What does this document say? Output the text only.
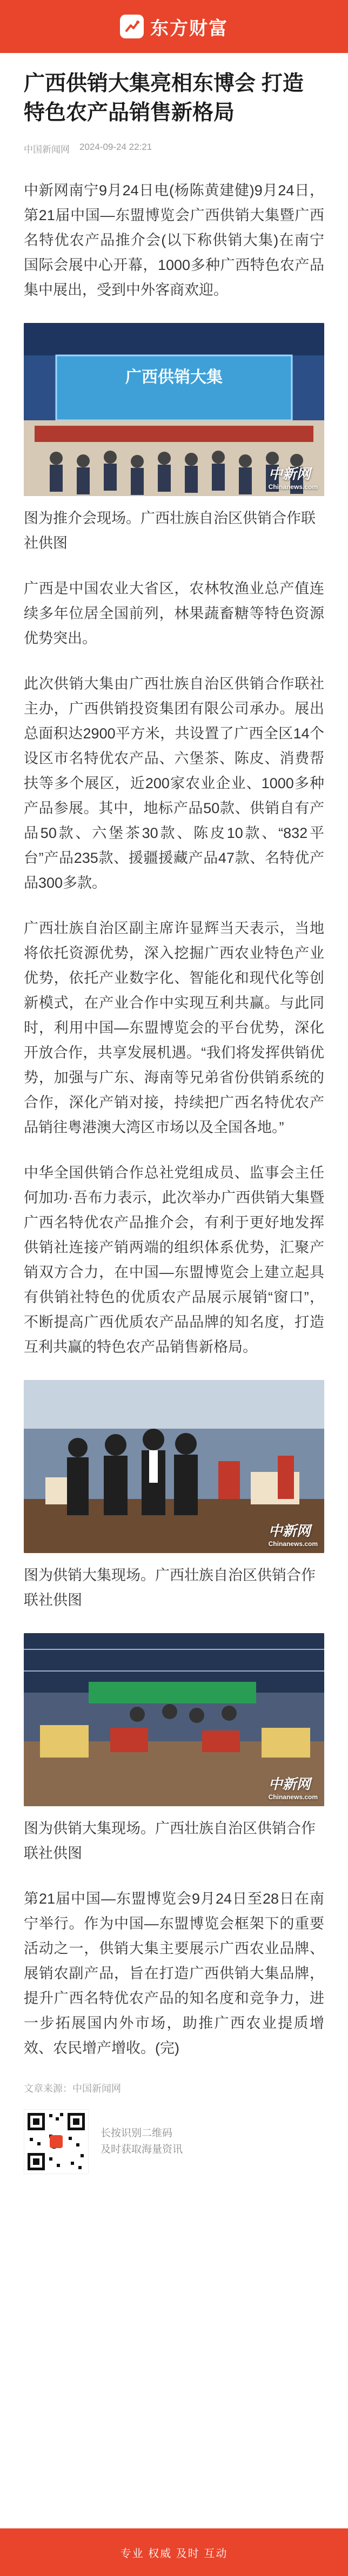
东方财富
广西供销大集亮相东博会 打造特色农产品销售新格局
中国新闻网 2024-09-24 22:21

中新网南宁9月24日电(杨陈黄建健)9月24日，第21届中国—东盟博览会广西供销大集暨广西名特优农产品推介会(以下称供销大集)在南宁国际会展中心开幕，1000多种广西特色农产品集中展出，受到中外客商欢迎。

广西供销大集
中新网
Chinanews.com
图为推介会现场。广西壮族自治区供销合作联社供图

广西是中国农业大省区，农林牧渔业总产值连续多年位居全国前列，林果蔬畜糖等特色资源优势突出。

此次供销大集由广西壮族自治区供销合作联社主办，广西供销投资集团有限公司承办。展出总面积达2900平方米，共设置了广西全区14个设区市名特优农产品、六堡茶、陈皮、消费帮扶等多个展区，近200家农业企业、1000多种产品参展。其中，地标产品50款、供销自有产品50款、六堡茶30款、陈皮10款、“832平台”产品235款、援疆援藏产品47款、名特优产品300多款。

广西壮族自治区副主席许显辉当天表示，当地将依托资源优势，深入挖掘广西农业特色产业优势，依托产业数字化、智能化和现代化等创新模式，在产业合作中实现互利共赢。与此同时，利用中国—东盟博览会的平台优势，深化开放合作，共享发展机遇。“我们将发挥供销优势，加强与广东、海南等兄弟省份供销系统的合作，深化产销对接，持续把广西名特优农产品销往粤港澳大湾区市场以及全国各地。”

中华全国供销合作总社党组成员、监事会主任何加功·吾布力表示，此次举办广西供销大集暨广西名特优农产品推介会，有利于更好地发挥供销社连接产销两端的组织体系优势，汇聚产销双方合力，在中国—东盟博览会上建立起具有供销社特色的优质农产品展示展销“窗口”，不断提高广西优质农产品品牌的知名度，打造互利共赢的特色农产品销售新格局。

中新网
Chinanews.com
图为供销大集现场。广西壮族自治区供销合作联社供图
中新网
Chinanews.com
图为供销大集现场。广西壮族自治区供销合作联社供图

第21届中国—东盟博览会9月24日至28日在南宁举行。作为中国—东盟博览会框架下的重要活动之一，供销大集主要展示广西农业品牌、展销农副产品，旨在打造广西供销大集品牌，提升广西名特优农产品的知名度和竞争力，进一步拓展国内外市场，助推广西农业提质增效、农民增产增收。(完)

文章来源：中国新闻网
长按识别二维码
及时获取海量资讯
专业 权威 及时 互动
